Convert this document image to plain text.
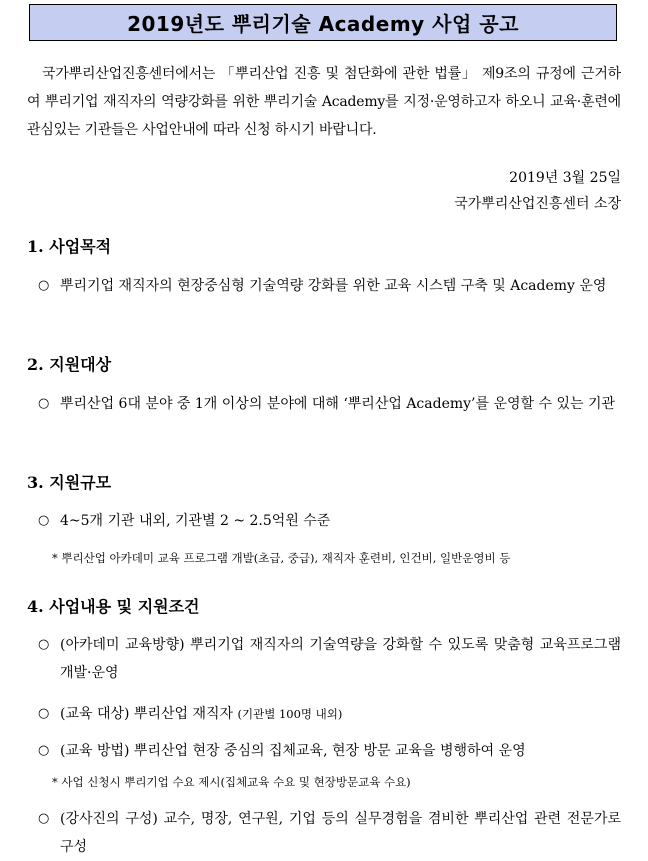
2019년도 뿌리기술 Academy 사업 공고
국가뿌리산업진흥센터에서는 「뿌리산업 진흥 및 첨단화에 관한 법률」 제9조의 규정에 근거하여 뿌리기업 재직자의 역량강화를 위한 뿌리기술 Academy를 지정·운영하고자 하오니 교육·훈련에 관심있는 기관들은 사업안내에 따라 신청 하시기 바랍니다.
2019년 3월 25일
국가뿌리산업진흥센터 소장
1. 사업목적
○ 뿌리기업 재직자의 현장중심형 기술역량 강화를 위한 교육 시스템 구축 및 Academy 운영
2. 지원대상
○ 뿌리산업 6대 분야 중 1개 이상의 분야에 대해 ‘뿌리산업 Academy’를 운영할 수 있는 기관
3. 지원규모
○ 4~5개 기관 내외, 기관별 2 ~ 2.5억원 수준
* 뿌리산업 아카데미 교육 프로그램 개발(초급, 중급), 재직자 훈련비, 인건비, 일반운영비 등
4. 사업내용 및 지원조건
○ (아카데미 교육방향) 뿌리기업 재직자의 기술역량을 강화할 수 있도록 맞춤형 교육프로그램 개발·운영
○ (교육 대상) 뿌리산업 재직자 (기관별 100명 내외)
○ (교육 방법) 뿌리산업 현장 중심의 집체교육, 현장 방문 교육을 병행하여 운영
* 사업 신청시 뿌리기업 수요 제시(집체교육 수요 및 현장방문교육 수요)
○ (강사진의 구성) 교수, 명장, 연구원, 기업 등의 실무경험을 겸비한 뿌리산업 관련 전문가로 구성
